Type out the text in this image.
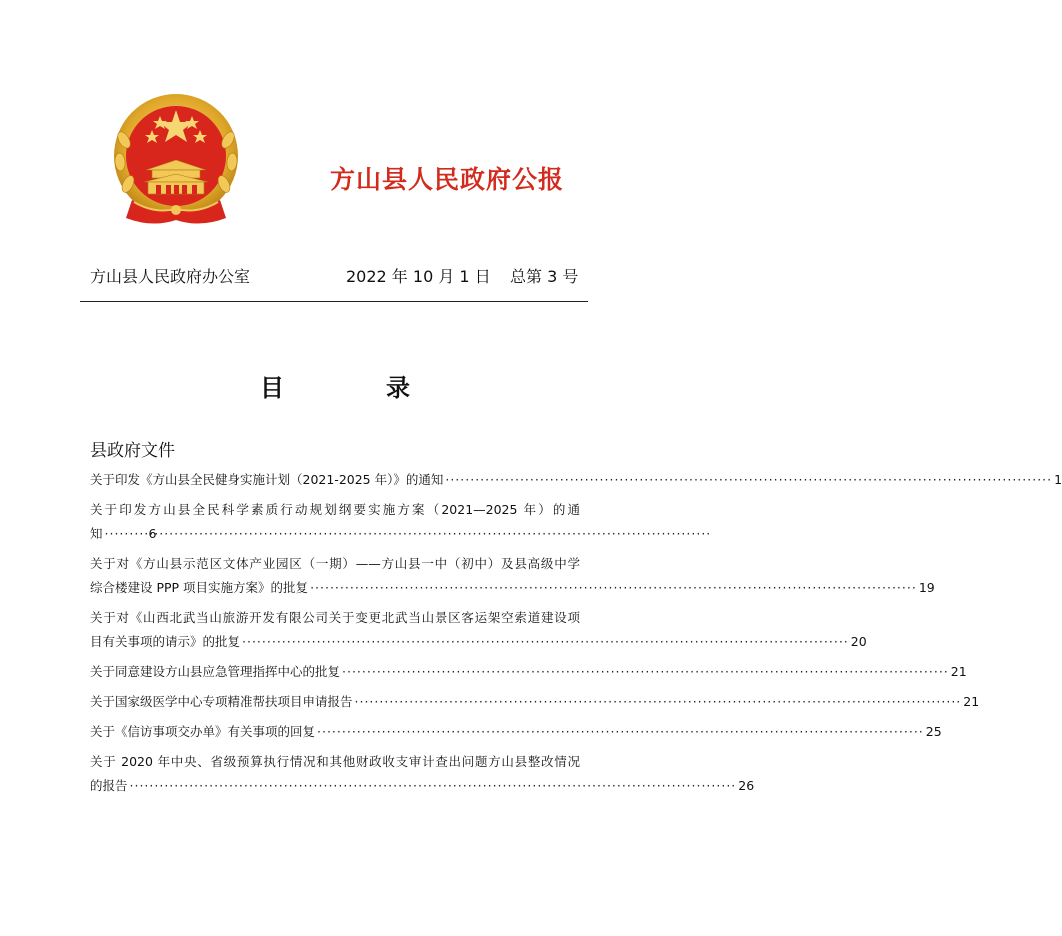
方山县人民政府公报
方山县人民政府办公室	2022 年 10 月 1 日 总第 3 号
目	录
县政府文件
关于印发《方山县全民健身实施计划（2021-2025 年）》的通知 ·····	1
关于印发方山县全民科学素质行动规划纲要实施方案（2021—2025 年）的通
知 ·····	6
关于对《方山县示范区文体产业园区（一期）——方山县一中（初中）及县高级中学
综合楼建设 PPP 项目实施方案》的批复 ·····	19
关于对《山西北武当山旅游开发有限公司关于变更北武当山景区客运架空索道建设项
目有关事项的请示》的批复 ·····	20
关于同意建设方山县应急管理指挥中心的批复 ·····	21
关于国家级医学中心专项精准帮扶项目申请报告 ·····	21
关于《信访事项交办单》有关事项的回复 ·····	25
关于 2020 年中央、省级预算执行情况和其他财政收支审计查出问题方山县整改情况
的报告 ·····	26
